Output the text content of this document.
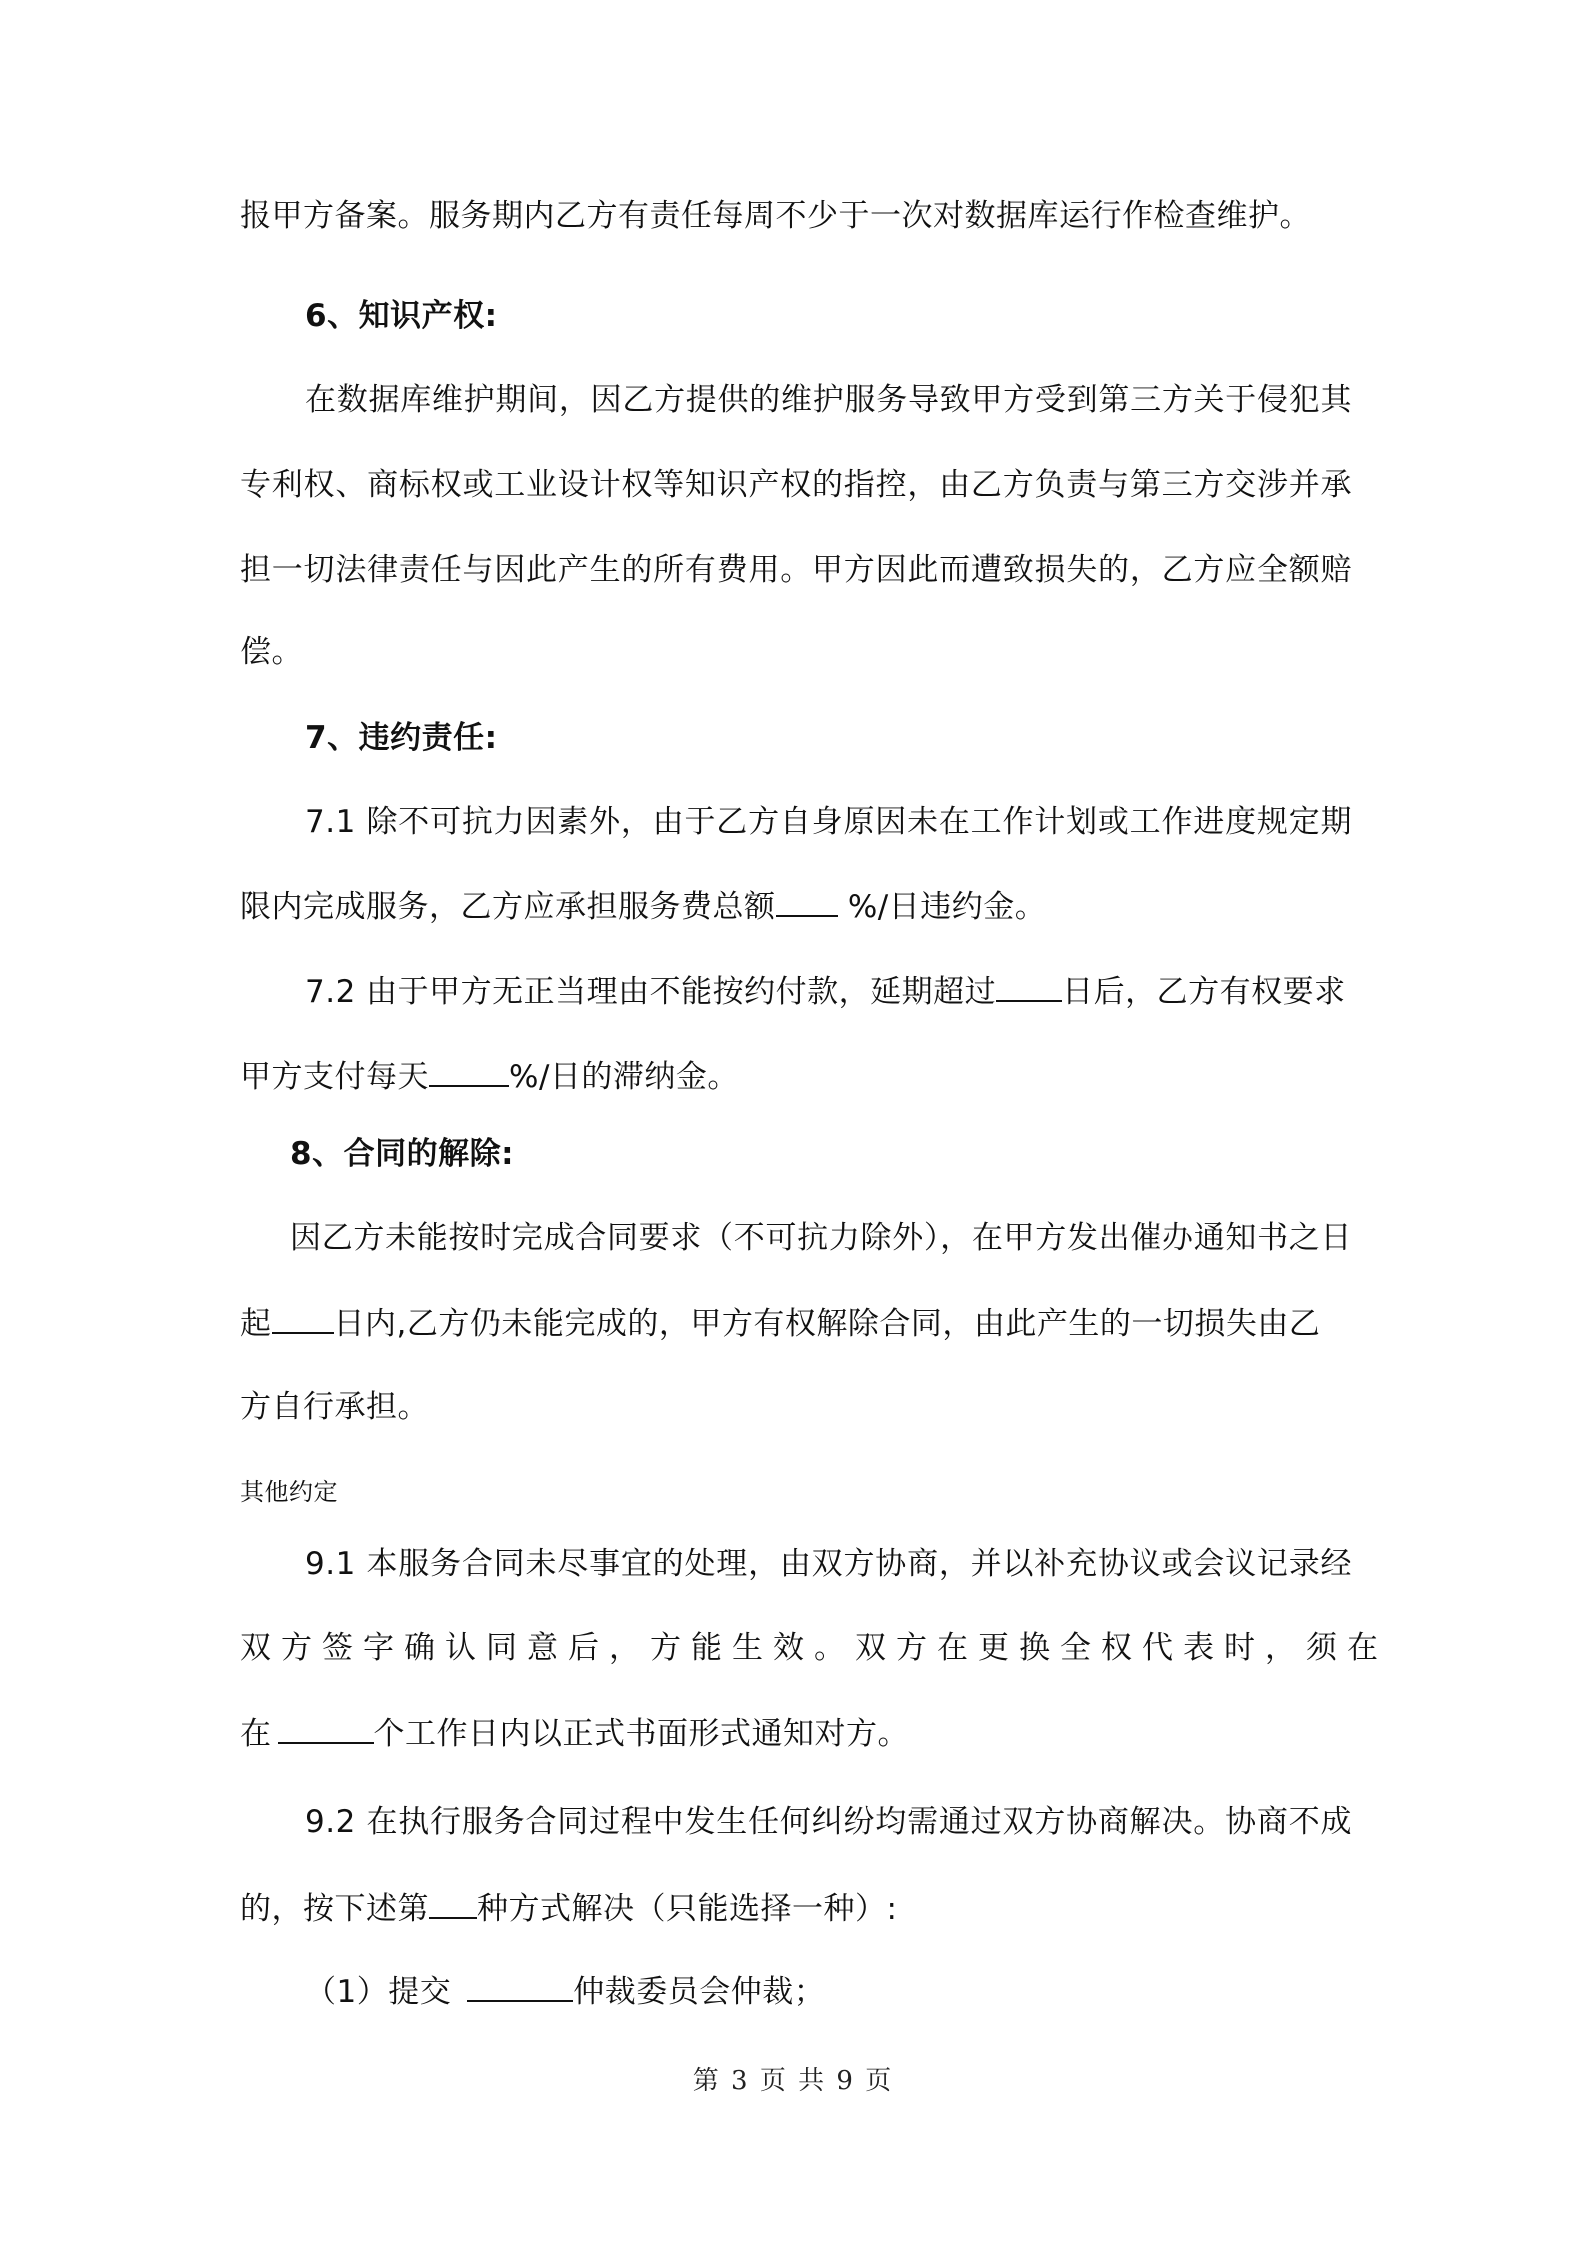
报甲方备案。服务期内乙方有责任每周不少于一次对数据库运行作检查维护。
6、知识产权:
在数据库维护期间，因乙方提供的维护服务导致甲方受到第三方关于侵犯其
专利权、商标权或工业设计权等知识产权的指控，由乙方负责与第三方交涉并承
担一切法律责任与因此产生的所有费用。甲方因此而遭致损失的，乙方应全额赔
偿。
7、违约责任:
7.1 除不可抗力因素外，由于乙方自身原因未在工作计划或工作进度规定期
限内完成服务，乙方应承担服务费总额 %/日违约金。
7.2 由于甲方无正当理由不能按约付款，延期超过 日后，乙方有权要求
甲方支付每天	%/日的滞纳金。
8、合同的解除:
因乙方未能按时完成合同要求（不可抗力除外），在甲方发出催办通知书之日
起 日内,乙方仍未能完成的，甲方有权解除合同，由此产生的一切损失由乙
方自行承担。
其他约定
9.1 本服务合同未尽事宜的处理，由双方协商，并以补充协议或会议记录经
双方签字确认同意后，方能生效。双方在更换全权代表时，须在
在	个工作日内以正式书面形式通知对方。
9.2 在执行服务合同过程中发生任何纠纷均需通过双方协商解决。协商不成
的，按下述第 种方式解决（只能选择一种）:
（1）提交	仲裁委员会仲裁；
第 3 页 共 9 页
